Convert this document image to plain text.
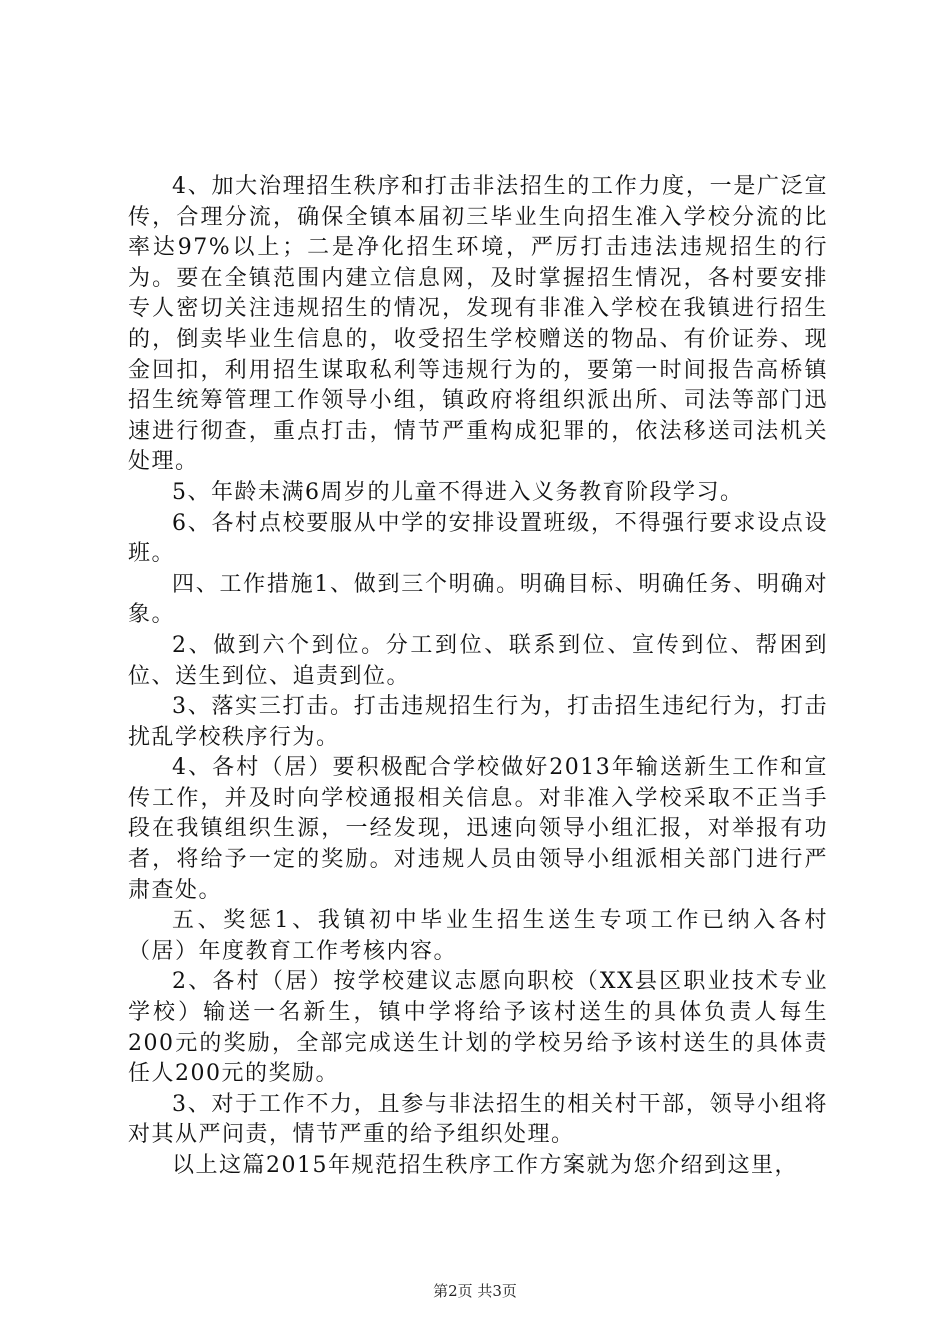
4、加大治理招生秩序和打击非法招生的工作力度，一是广泛宣传，合理分流，确保全镇本届初三毕业生向招生准入学校分流的比率达97%以上；二是净化招生环境，严厉打击违法违规招生的行为。要在全镇范围内建立信息网，及时掌握招生情况，各村要安排专人密切关注违规招生的情况，发现有非准入学校在我镇进行招生的，倒卖毕业生信息的，收受招生学校赠送的物品、有价证券、现金回扣，利用招生谋取私利等违规行为的，要第一时间报告高桥镇招生统筹管理工作领导小组，镇政府将组织派出所、司法等部门迅速进行彻查，重点打击，情节严重构成犯罪的，依法移送司法机关处理。

5、年龄未满6周岁的儿童不得进入义务教育阶段学习。

6、各村点校要服从中学的安排设置班级，不得强行要求设点设班。

四、工作措施1、做到三个明确。明确目标、明确任务、明确对象。

2、做到六个到位。分工到位、联系到位、宣传到位、帮困到位、送生到位、追责到位。

3、落实三打击。打击违规招生行为，打击招生违纪行为，打击扰乱学校秩序行为。

4、各村（居）要积极配合学校做好2013年输送新生工作和宣传工作，并及时向学校通报相关信息。对非准入学校采取不正当手段在我镇组织生源，一经发现，迅速向领导小组汇报，对举报有功者，将给予一定的奖励。对违规人员由领导小组派相关部门进行严肃查处。

五、奖惩1、我镇初中毕业生招生送生专项工作已纳入各村（居）年度教育工作考核内容。

2、各村（居）按学校建议志愿向职校（XX县区职业技术专业学校）输送一名新生，镇中学将给予该村送生的具体负责人每生200元的奖励，全部完成送生计划的学校另给予该村送生的具体责任人200元的奖励。

3、对于工作不力，且参与非法招生的相关村干部，领导小组将对其从严问责，情节严重的给予组织处理。

以上这篇2015年规范招生秩序工作方案就为您介绍到这里，

第2页 共3页
